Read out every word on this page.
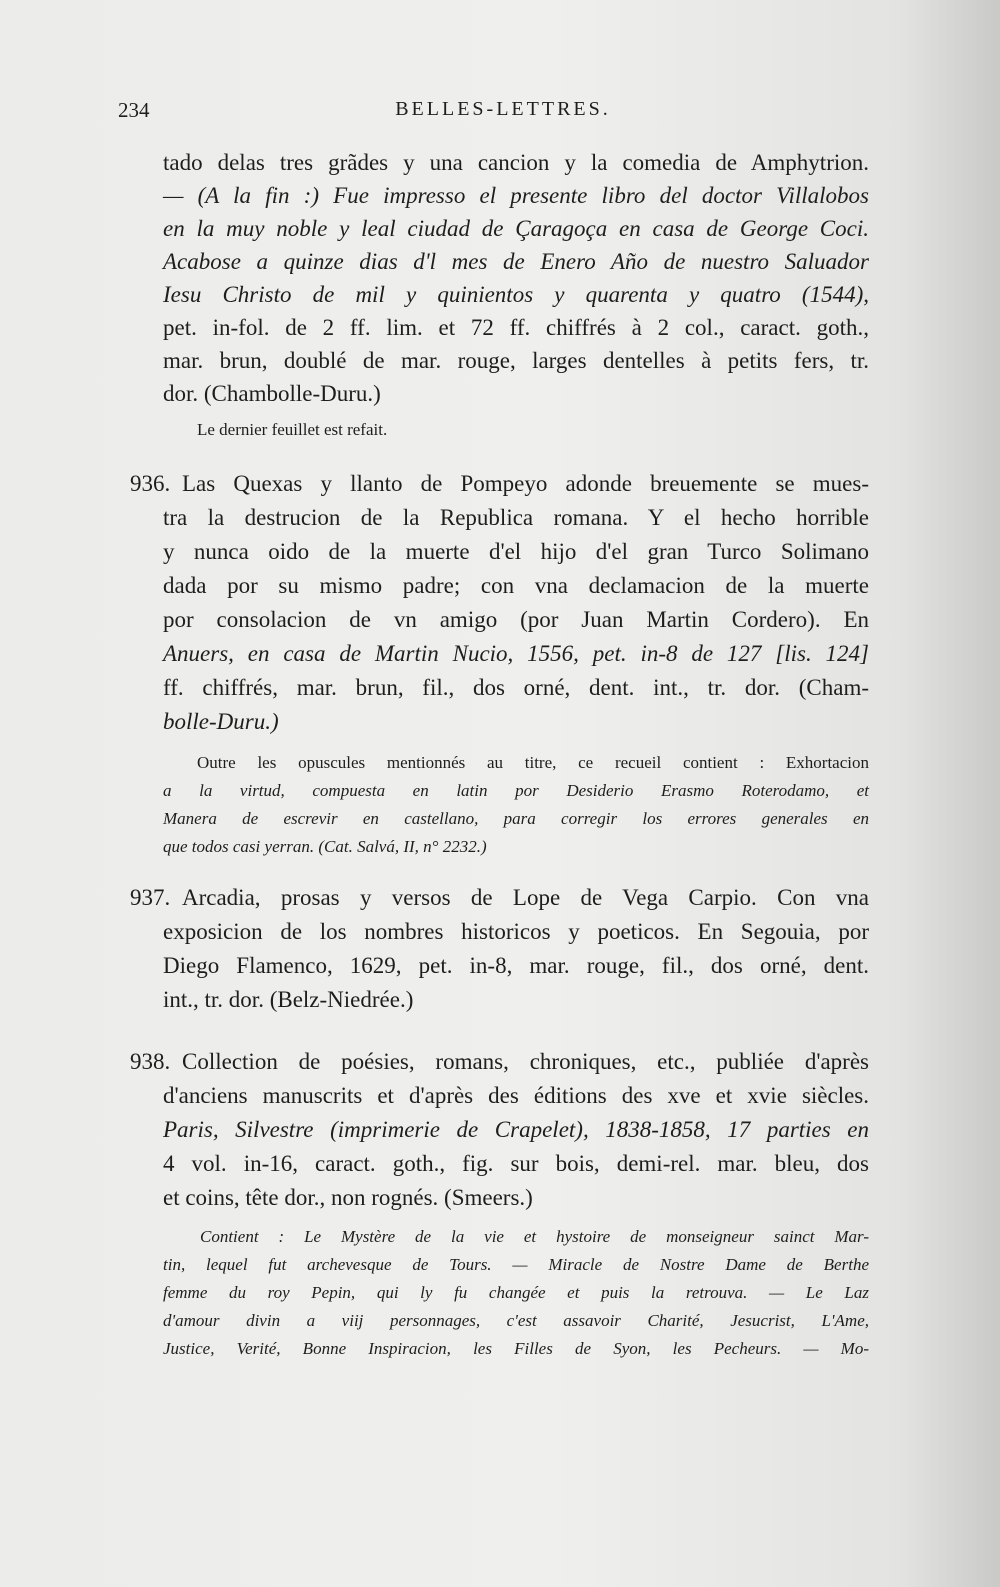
234	BELLES-LETTRES.
tado delas tres grãdes y una cancion y la comedia de Amphytrion.
— (A la fin :) Fue impresso el presente libro del doctor Villalobos
en la muy noble y leal ciudad de Çaragoça en casa de George Coci.
Acabose a quinze dias d'l mes de Enero Año de nuestro Saluador
Iesu Christo de mil y quinientos y quarenta y quatro (1544),
pet. in-fol. de 2 ff. lim. et 72 ff. chiffrés à 2 col., caract. goth.,
mar. brun, doublé de mar. rouge, larges dentelles à petits fers, tr.
dor. (Chambolle-Duru.)
Le dernier feuillet est refait.
936. Las Quexas y llanto de Pompeyo adonde breuemente se mues-
tra la destrucion de la Republica romana. Y el hecho horrible
y nunca oido de la muerte d'el hijo d'el gran Turco Solimano
dada por su mismo padre; con vna declamacion de la muerte
por consolacion de vn amigo (por Juan Martin Cordero). En
Anuers, en casa de Martin Nucio, 1556, pet. in-8 de 127 [lis. 124]
ff. chiffrés, mar. brun, fil., dos orné, dent. int., tr. dor. (Cham-
bolle-Duru.)
Outre les opuscules mentionnés au titre, ce recueil contient : Exhortacion
a la virtud, compuesta en latin por Desiderio Erasmo Roterodamo, et
Manera de escrevir en castellano, para corregir los errores generales en
que todos casi yerran. (Cat. Salvá, II, n° 2232.)
937. Arcadia, prosas y versos de Lope de Vega Carpio. Con vna
exposicion de los nombres historicos y poeticos. En Segouia, por
Diego Flamenco, 1629, pet. in-8, mar. rouge, fil., dos orné, dent.
int., tr. dor. (Belz-Niedrée.)
938. Collection de poésies, romans, chroniques, etc., publiée d'après
d'anciens manuscrits et d'après des éditions des xve et xvie siècles.
Paris, Silvestre (imprimerie de Crapelet), 1838-1858, 17 parties en
4 vol. in-16, caract. goth., fig. sur bois, demi-rel. mar. bleu, dos
et coins, tête dor., non rognés. (Smeers.)
Contient : Le Mystère de la vie et hystoire de monseigneur sainct Mar-
tin, lequel fut archevesque de Tours. — Miracle de Nostre Dame de Berthe
femme du roy Pepin, qui ly fu changée et puis la retrouva. — Le Laz
d'amour divin a viij personnages, c'est assavoir Charité, Jesucrist, L'Ame,
Justice, Verité, Bonne Inspiracion, les Filles de Syon, les Pecheurs. — Mo-
